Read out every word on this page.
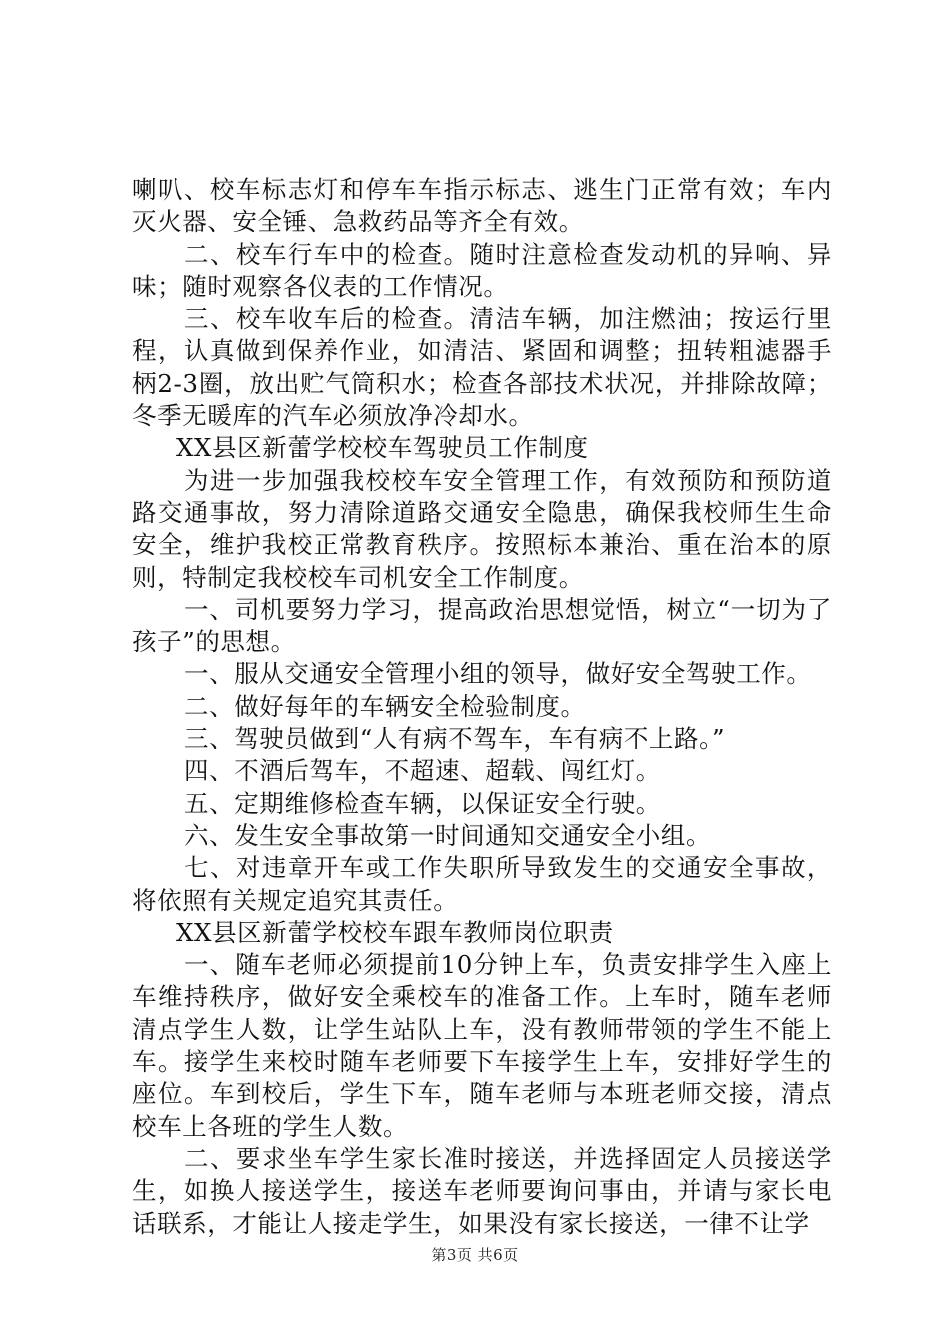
喇叭、校车标志灯和停车车指示标志、逃生门正常有效；车内灭火器、安全锤、急救药品等齐全有效。

二、校车行车中的检查。随时注意检查发动机的异响、异味；随时观察各仪表的工作情况。

三、校车收车后的检查。清洁车辆，加注燃油；按运行里程，认真做到保养作业，如清洁、紧固和调整；扭转粗滤器手柄2-3圈，放出贮气筒积水；检查各部技术状况，并排除故障；冬季无暖库的汽车必须放净冷却水。

XX县区新蕾学校校车驾驶员工作制度

为进一步加强我校校车安全管理工作，有效预防和预防道路交通事故，努力清除道路交通安全隐患，确保我校师生生命安全，维护我校正常教育秩序。按照标本兼治、重在治本的原则，特制定我校校车司机安全工作制度。

一、司机要努力学习，提高政治思想觉悟，树立“一切为了孩子”的思想。

一、服从交通安全管理小组的领导，做好安全驾驶工作。

二、做好每年的车辆安全检验制度。

三、驾驶员做到“人有病不驾车，车有病不上路。”

四、不酒后驾车，不超速、超载、闯红灯。

五、定期维修检查车辆，以保证安全行驶。

六、发生安全事故第一时间通知交通安全小组。

七、对违章开车或工作失职所导致发生的交通安全事故，将依照有关规定追究其责任。

XX县区新蕾学校校车跟车教师岗位职责

一、随车老师必须提前10分钟上车，负责安排学生入座上车维持秩序，做好安全乘校车的准备工作。上车时，随车老师清点学生人数，让学生站队上车，没有教师带领的学生不能上车。接学生来校时随车老师要下车接学生上车，安排好学生的座位。车到校后，学生下车，随车老师与本班老师交接，清点校车上各班的学生人数。

二、要求坐车学生家长准时接送，并选择固定人员接送学生，如换人接送学生，接送车老师要询问事由，并请与家长电话联系，才能让人接走学生，如果没有家长接送，一律不让学

第3页 共6页
